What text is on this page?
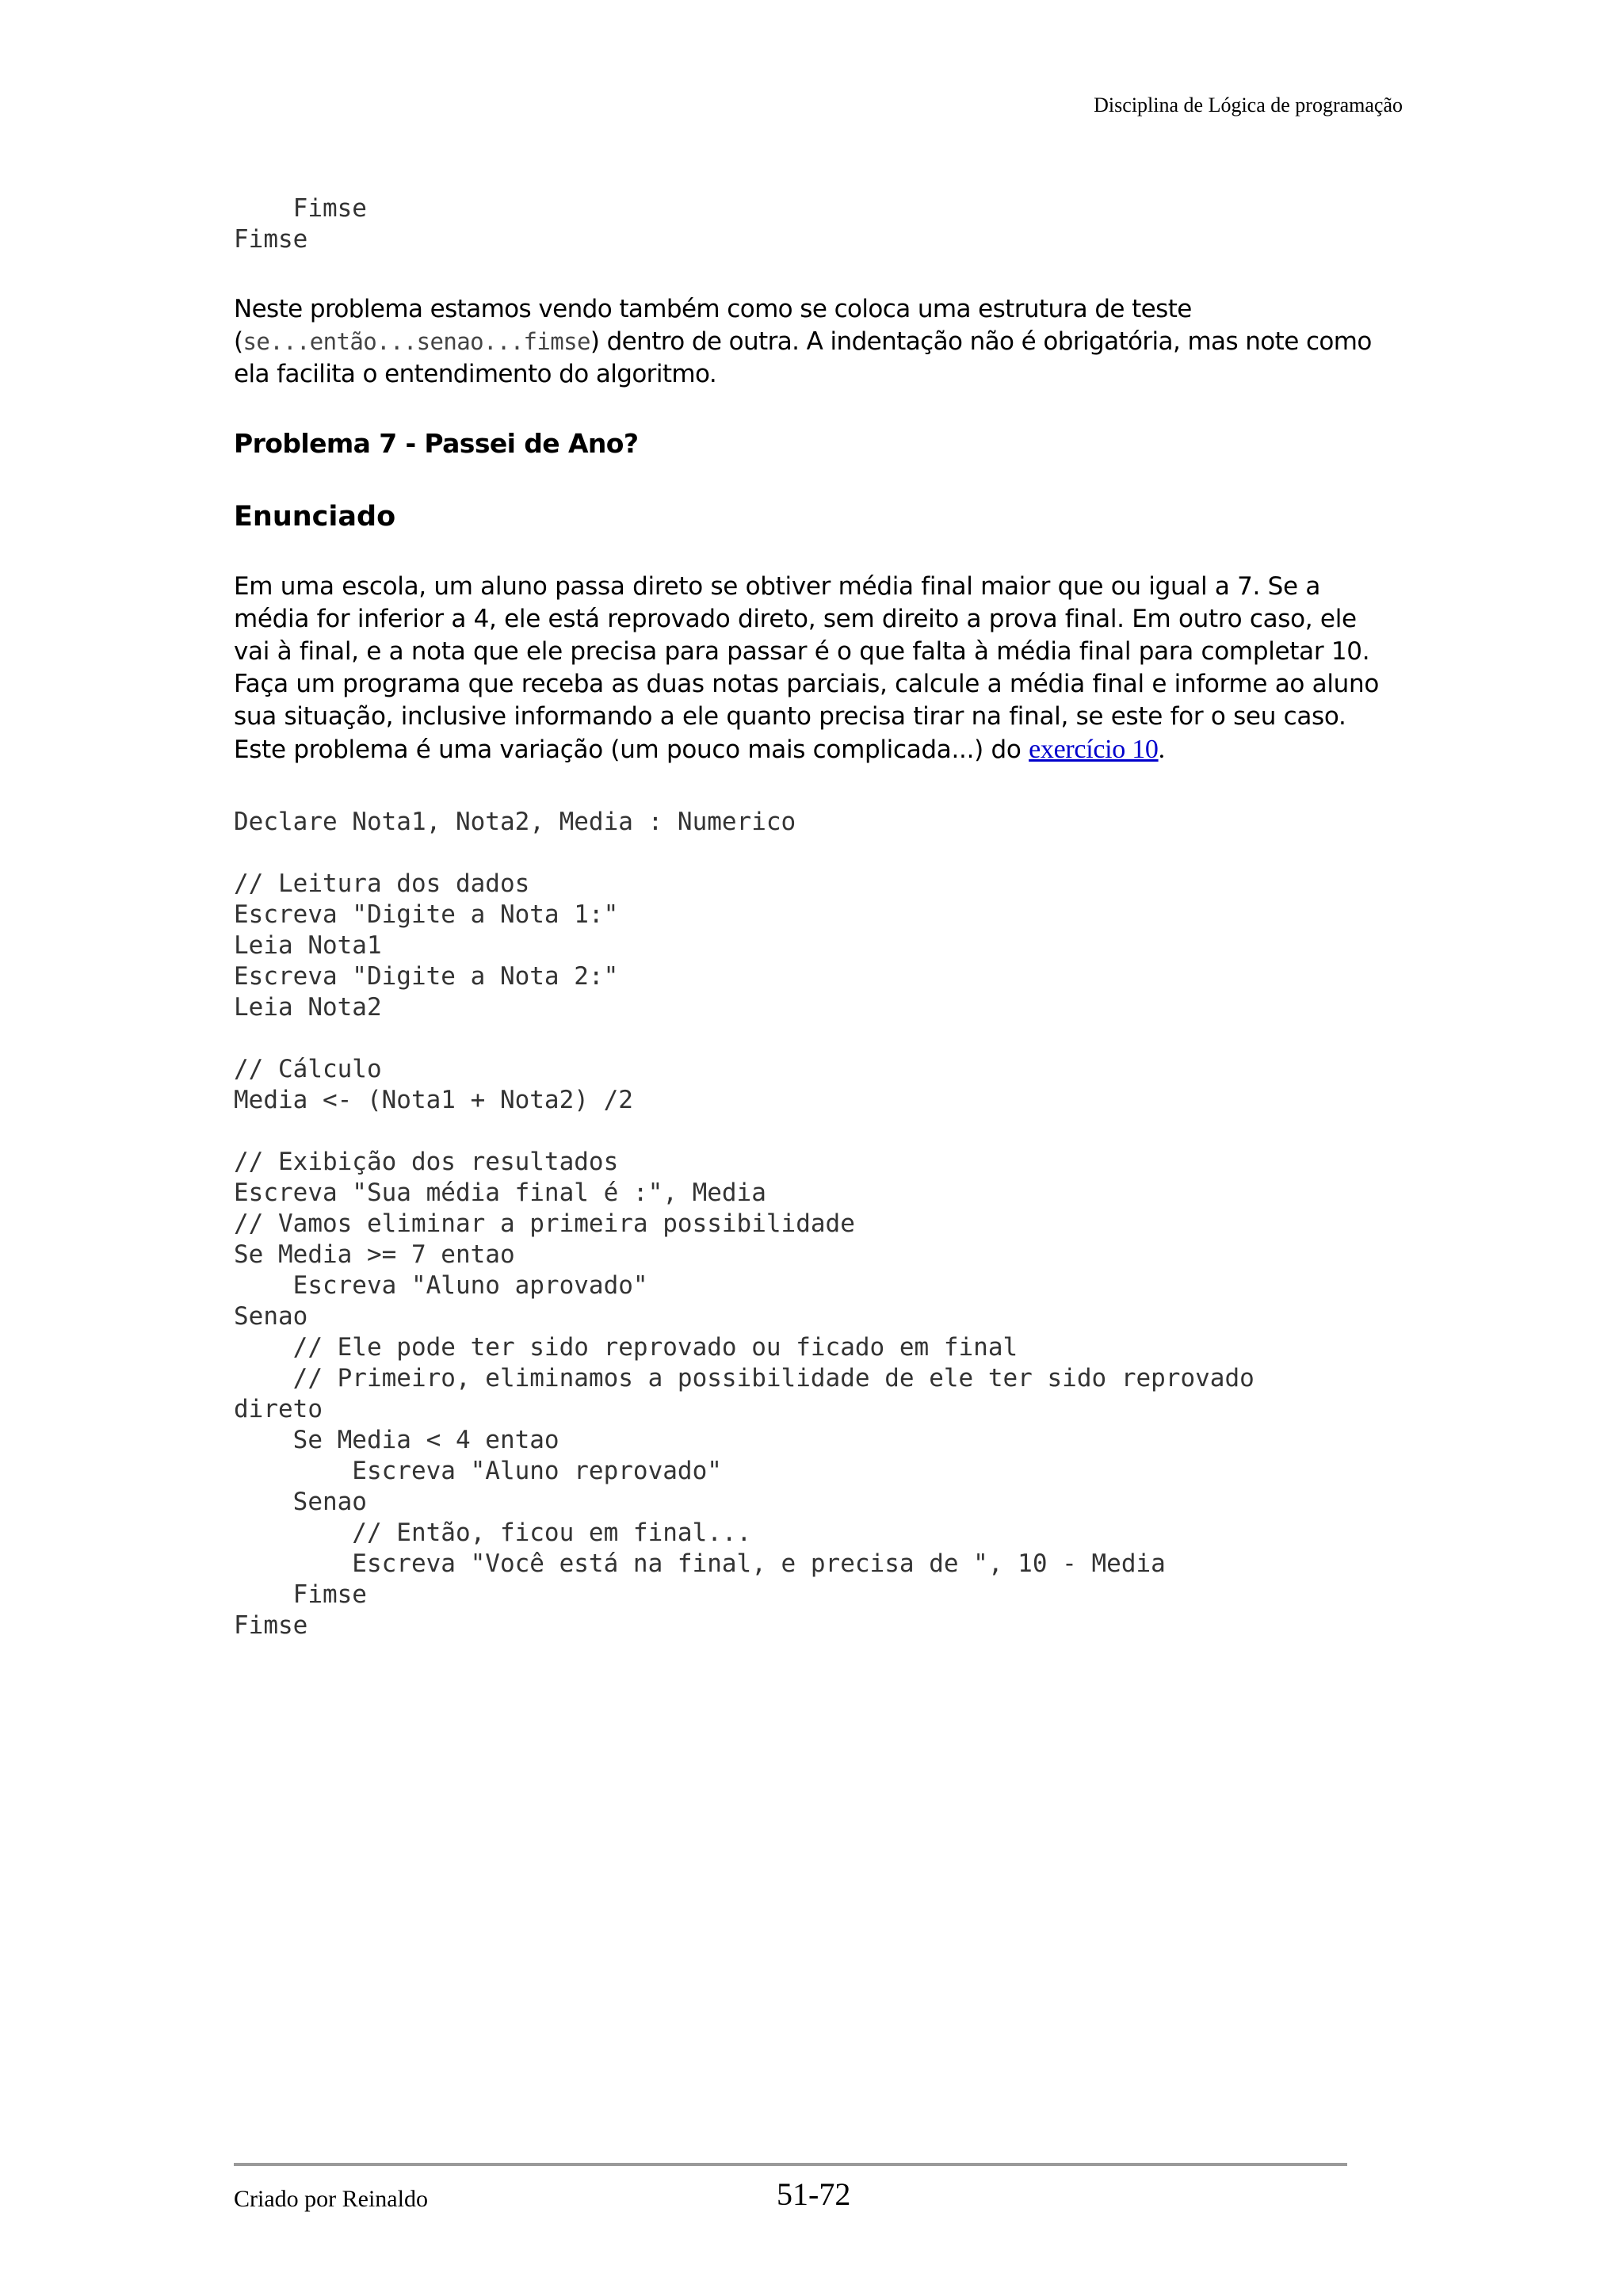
Disciplina de Lógica de programação
Fimse
Fimse

Neste problema estamos vendo também como se coloca uma estrutura de teste (se...então...senao...fimse) dentro de outra. A indentação não é obrigatória, mas note como ela facilita o entendimento do algoritmo.

Problema 7 - Passei de Ano?
Enunciado

Em uma escola, um aluno passa direto se obtiver média final maior que ou igual a 7. Se a média for inferior a 4, ele está reprovado direto, sem direito a prova final. Em outro caso, ele vai à final, e a nota que ele precisa para passar é o que falta à média final para completar 10. Faça um programa que receba as duas notas parciais, calcule a média final e informe ao aluno sua situação, inclusive informando a ele quanto precisa tirar na final, se este for o seu caso. Este problema é uma variação (um pouco mais complicada...) do exercício 10.

Declare Nota1, Nota2, Media : Numerico

// Leitura dos dados
Escreva "Digite a Nota 1:"
Leia Nota1
Escreva "Digite a Nota 2:"
Leia Nota2

// Cálculo
Media <- (Nota1 + Nota2) /2

// Exibição dos resultados
Escreva "Sua média final é :", Media
// Vamos eliminar a primeira possibilidade
Se Media >= 7 entao
Escreva "Aluno aprovado"
Senao
// Ele pode ter sido reprovado ou ficado em final
// Primeiro, eliminamos a possibilidade de ele ter sido reprovado
direto
Se Media < 4 entao
Escreva "Aluno reprovado"
Senao
// Então, ficou em final...
Escreva "Você está na final, e precisa de ", 10 - Media
Fimse
Fimse
Criado por Reinaldo	51-72
